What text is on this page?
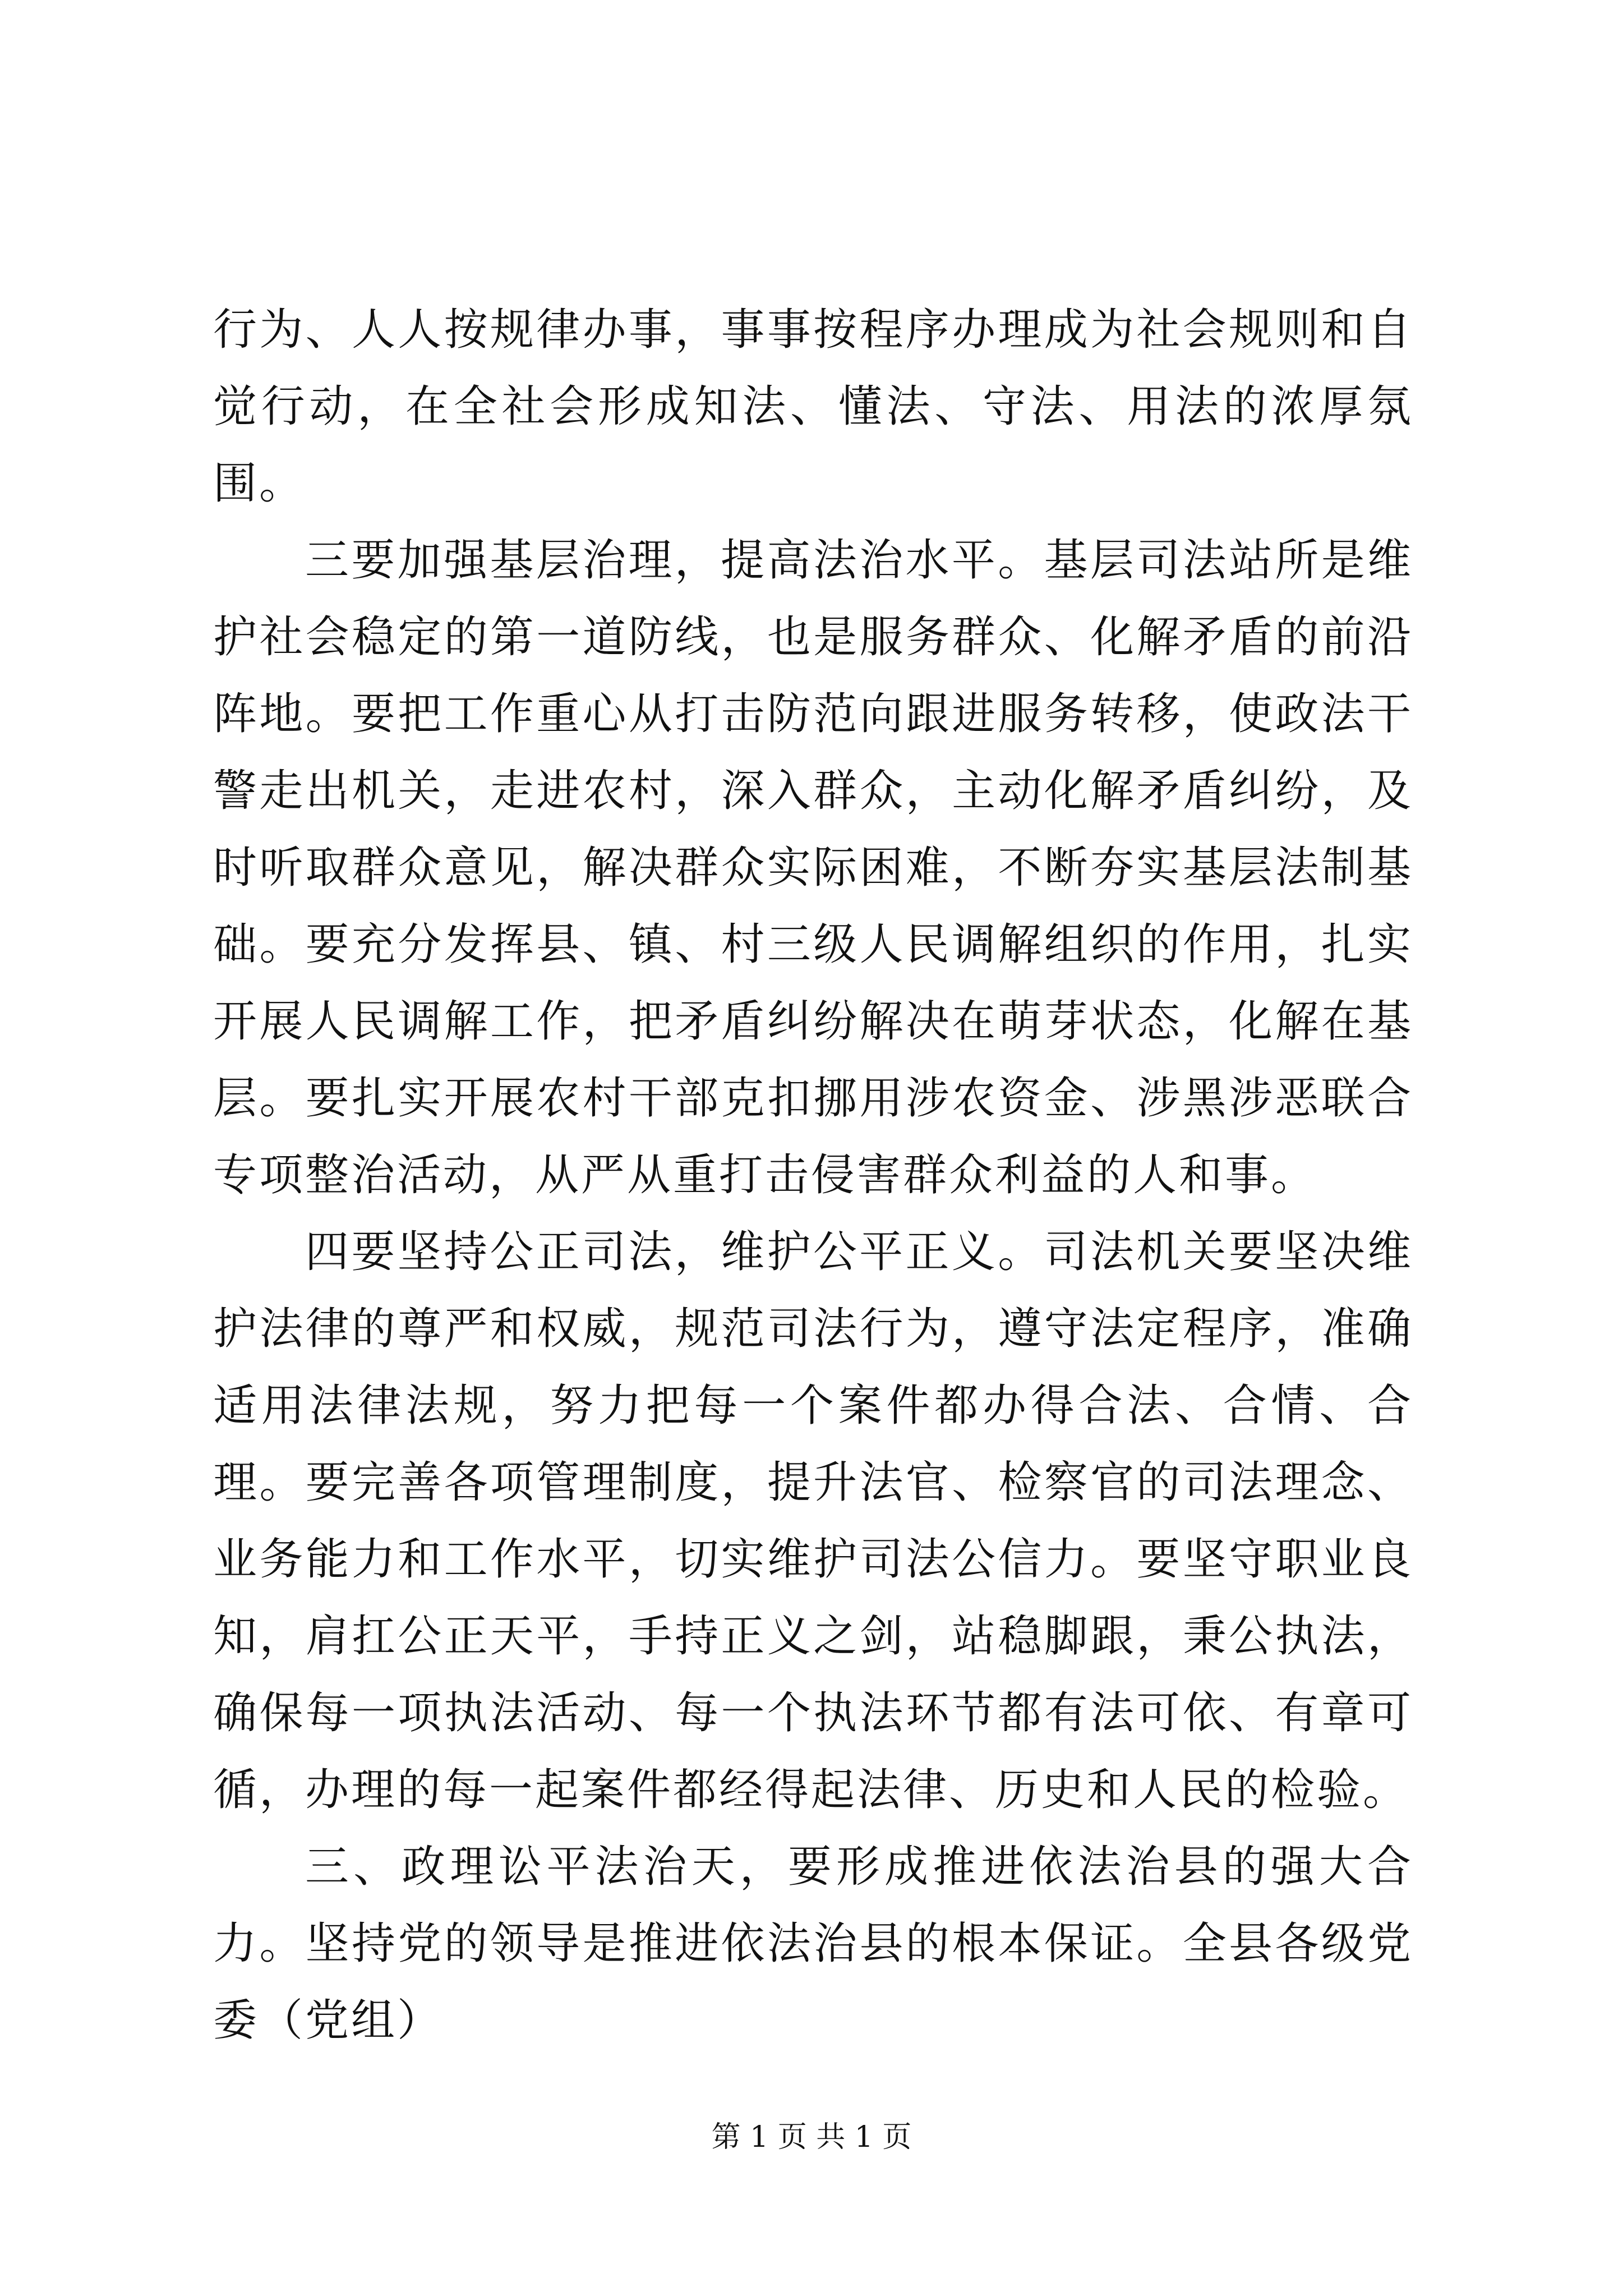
行为、人人按规律办事，事事按程序办理成为社会规则和自觉行动，在全社会形成知法、懂法、守法、用法的浓厚氛围。

三要加强基层治理，提高法治水平。基层司法站所是维护社会稳定的第一道防线，也是服务群众、化解矛盾的前沿阵地。要把工作重心从打击防范向跟进服务转移，使政法干警走出机关，走进农村，深入群众，主动化解矛盾纠纷，及时听取群众意见，解决群众实际困难，不断夯实基层法制基础。要充分发挥县、镇、村三级人民调解组织的作用，扎实开展人民调解工作，把矛盾纠纷解决在萌芽状态，化解在基层。要扎实开展农村干部克扣挪用涉农资金、涉黑涉恶联合专项整治活动，从严从重打击侵害群众利益的人和事。

四要坚持公正司法，维护公平正义。司法机关要坚决维护法律的尊严和权威，规范司法行为，遵守法定程序，准确适用法律法规，努力把每一个案件都办得合法、合情、合理。要完善各项管理制度，提升法官、检察官的司法理念、业务能力和工作水平，切实维护司法公信力。要坚守职业良知，肩扛公正天平，手持正义之剑，站稳脚跟，秉公执法，确保每一项执法活动、每一个执法环节都有法可依、有章可循，办理的每一起案件都经得起法律、历史和人民的检验。

三、政理讼平法治天，要形成推进依法治县的强大合力。坚持党的领导是推进依法治县的根本保证。全县各级党委（党组）

第 1 页 共 1 页
